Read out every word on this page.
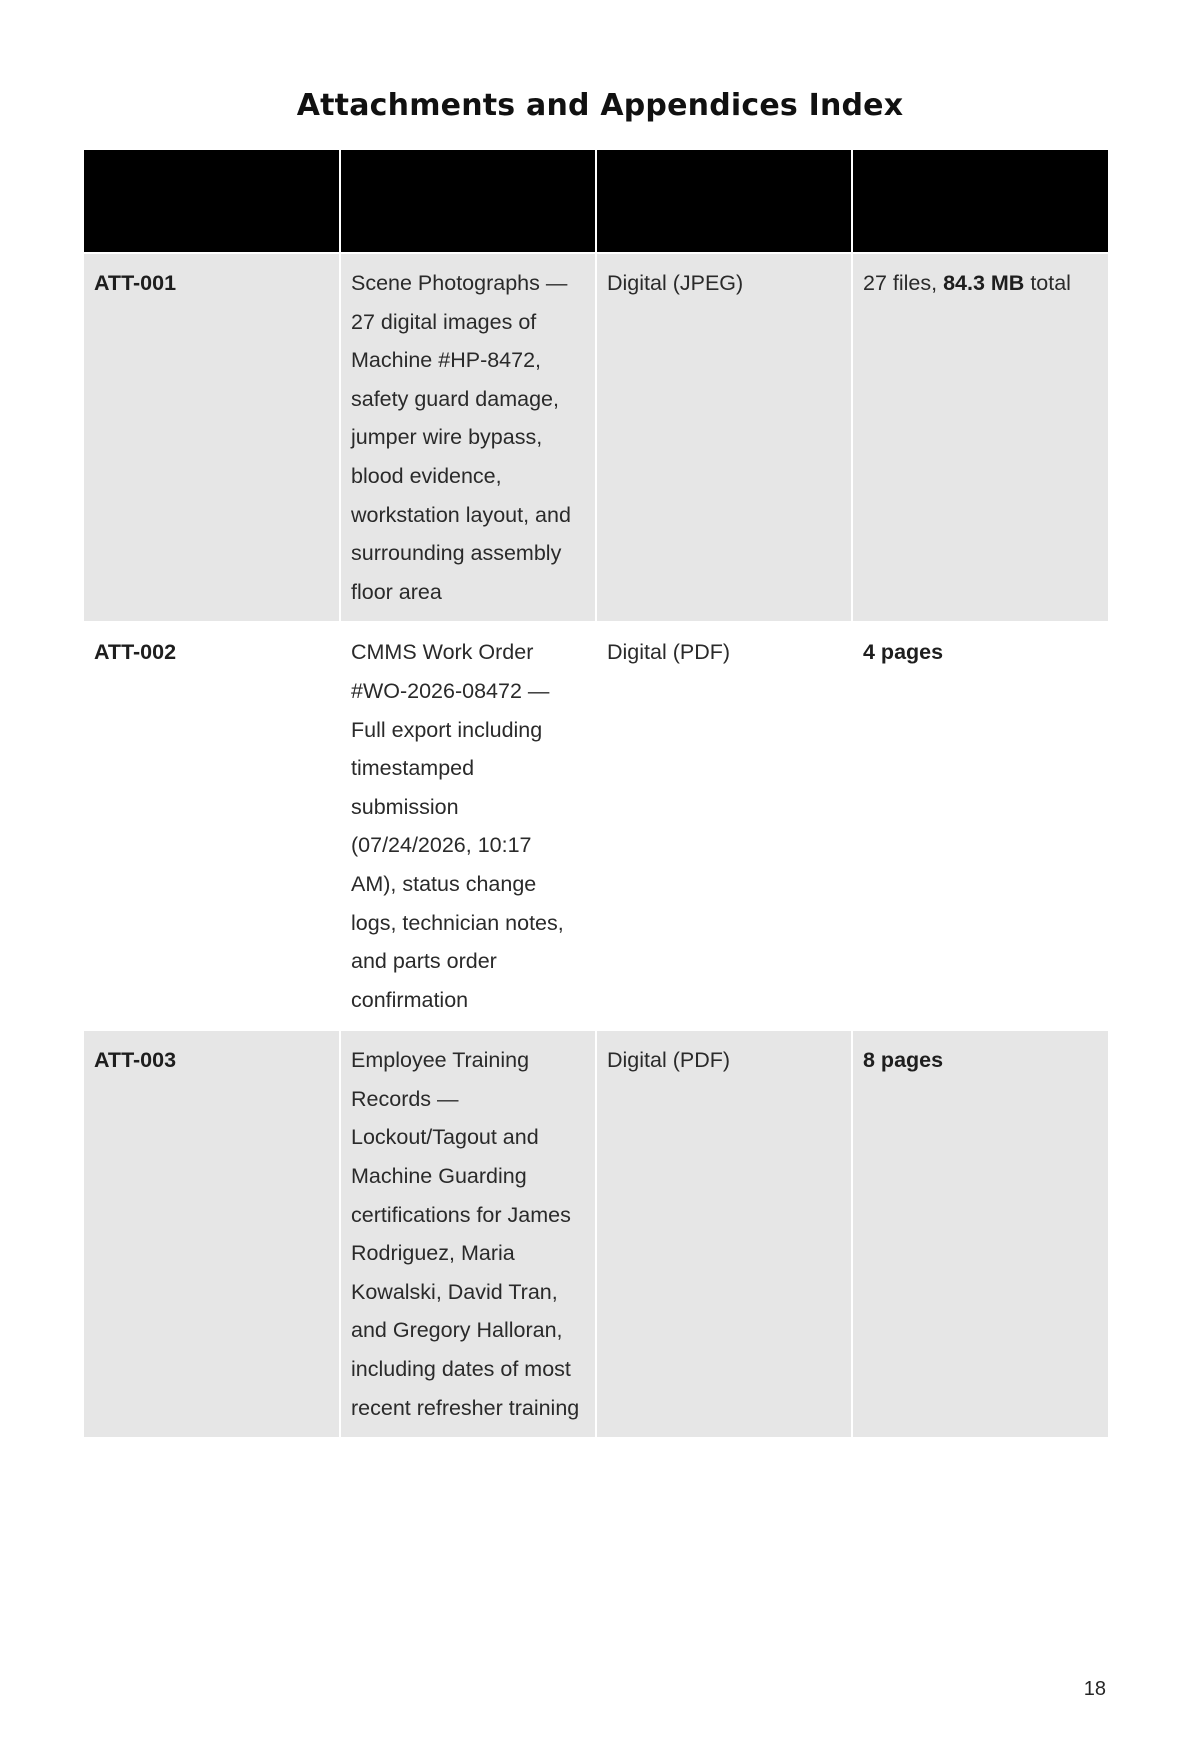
Attachments and Appendices Index

ATT-001	Scene Photographs — 27 digital images of Machine #HP-8472, safety guard damage, jumper wire bypass, blood evidence, workstation layout, and surrounding assembly floor area	Digital (JPEG)	27 files, 84.3 MB total
ATT-002	CMMS Work Order #WO-2026-08472 — Full export including timestamped submission (07/24/2026, 10:17 AM), status change logs, technician notes, and parts order confirmation	Digital (PDF)	4 pages
ATT-003	Employee Training Records — Lockout/Tagout and Machine Guarding certifications for James Rodriguez, Maria Kowalski, David Tran, and Gregory Halloran, including dates of most recent refresher training	Digital (PDF)	8 pages
18
